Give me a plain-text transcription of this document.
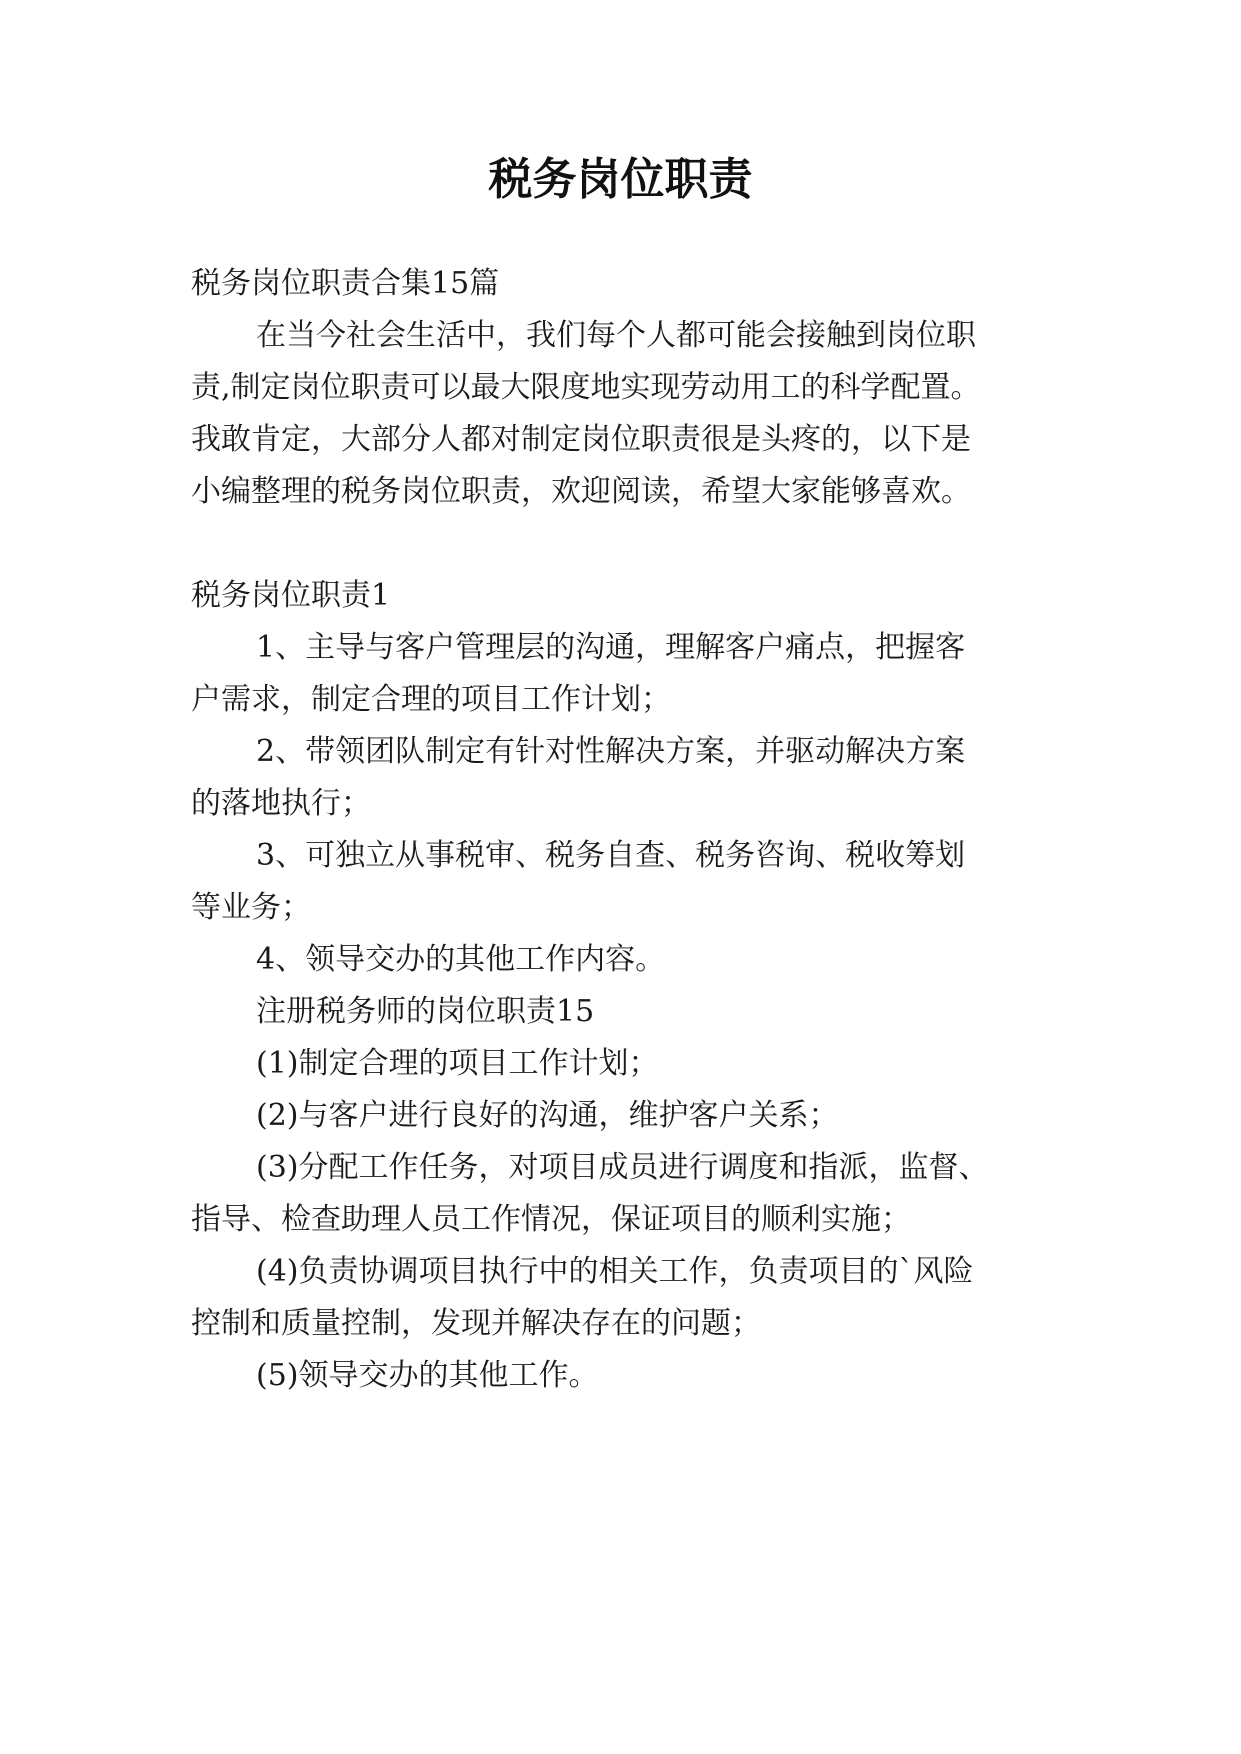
税务岗位职责

税务岗位职责合集15篇

在当今社会生活中，我们每个人都可能会接触到岗位职

责,制定岗位职责可以最大限度地实现劳动用工的科学配置。

我敢肯定，大部分人都对制定岗位职责很是头疼的，以下是

小编整理的税务岗位职责，欢迎阅读，希望大家能够喜欢。

税务岗位职责1

1、主导与客户管理层的沟通，理解客户痛点，把握客

户需求，制定合理的项目工作计划；

2、带领团队制定有针对性解决方案，并驱动解决方案

的落地执行；

3、可独立从事税审、税务自查、税务咨询、税收筹划

等业务；

4、领导交办的其他工作内容。

注册税务师的岗位职责15

(1)制定合理的项目工作计划；

(2)与客户进行良好的沟通，维护客户关系；

(3)分配工作任务，对项目成员进行调度和指派，监督、

指导、检查助理人员工作情况，保证项目的顺利实施；

(4)负责协调项目执行中的相关工作，负责项目的`风险

控制和质量控制，发现并解决存在的问题；

(5)领导交办的其他工作。
